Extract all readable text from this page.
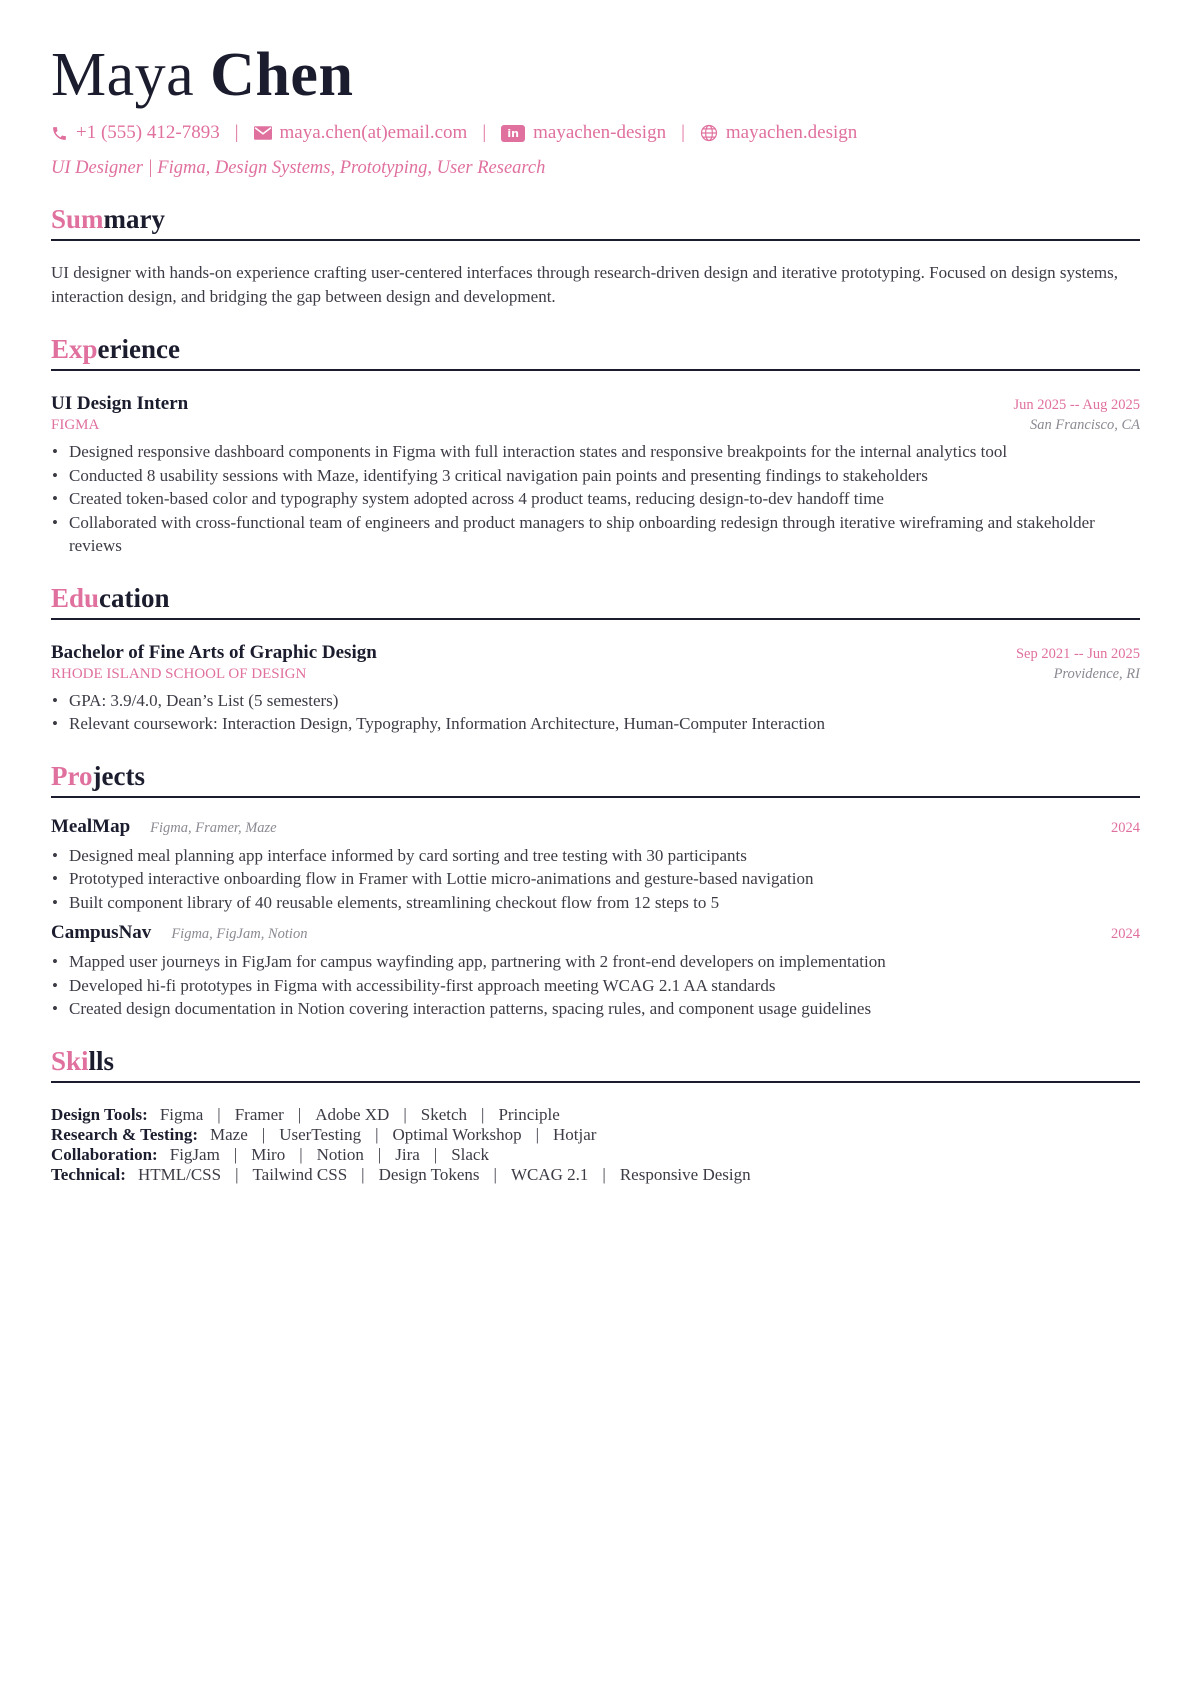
Maya Chen
+1 (555) 412-7893 | maya.chen(at)email.com |	in mayachen-design | mayachen.design
UI Designer | Figma, Design Systems, Prototyping, User Research
Summary
UI designer with hands-on experience crafting user-centered interfaces through research-driven design and iterative prototyping. Focused on design systems, interaction design, and bridging the gap between design and development.
Experience
UI Design Intern	Jun 2025 -- Aug 2025
FIGMA	San Francisco, CA
• Designed responsive dashboard components in Figma with full interaction states and responsive breakpoints for the internal analytics tool
• Conducted 8 usability sessions with Maze, identifying 3 critical navigation pain points and presenting findings to stakeholders
• Created token-based color and typography system adopted across 4 product teams, reducing design-to-dev handoff time
• Collaborated with cross-functional team of engineers and product managers to ship onboarding redesign through iterative wireframing and stakeholder reviews
Education
Bachelor of Fine Arts of Graphic Design	Sep 2021 -- Jun 2025
RHODE ISLAND SCHOOL OF DESIGN	Providence, RI
• GPA: 3.9/4.0, Dean’s List (5 semesters)
• Relevant coursework: Interaction Design, Typography, Information Architecture, Human-Computer Interaction
Projects
MealMap Figma, Framer, Maze	2024
• Designed meal planning app interface informed by card sorting and tree testing with 30 participants
• Prototyped interactive onboarding flow in Framer with Lottie micro-animations and gesture-based navigation
• Built component library of 40 reusable elements, streamlining checkout flow from 12 steps to 5
CampusNav Figma, FigJam, Notion	2024
• Mapped user journeys in FigJam for campus wayfinding app, partnering with 2 front-end developers on implementation
• Developed hi-fi prototypes in Figma with accessibility-first approach meeting WCAG 2.1 AA standards
• Created design documentation in Notion covering interaction patterns, spacing rules, and component usage guidelines
Skills
Design Tools: Figma | Framer | Adobe XD | Sketch | Principle
Research & Testing: Maze | UserTesting | Optimal Workshop | Hotjar
Collaboration: FigJam | Miro | Notion | Jira | Slack
Technical: HTML/CSS | Tailwind CSS | Design Tokens | WCAG 2.1 | Responsive Design
